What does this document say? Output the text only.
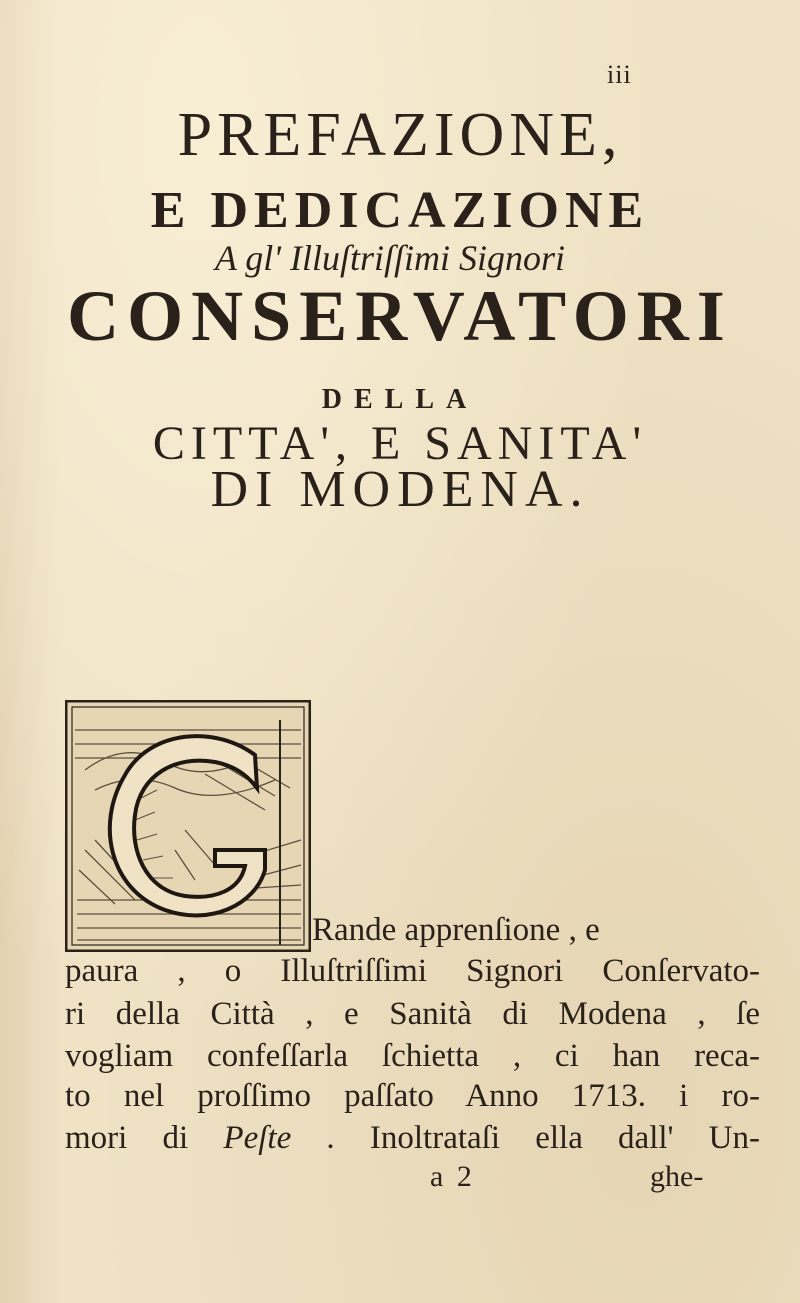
iii
PREFAZIONE,
E DEDICAZIONE
A gl' Illuſtriſſimi Signori
CONSERVATORI
DELLA
CITTA', E SANITA'
DI MODENA.
Rande apprenſione , e
paura , o Illuſtriſſimi Signori Conſervato-
ri della Città , e Sanità di Modena , ſe
vogliam confeſſarla ſchietta , ci han reca-
to nel proſſimo paſſato Anno 1713. i ro-
mori di Peſte . Inoltrataſi ella dall' Un-
a 2	ghe-
